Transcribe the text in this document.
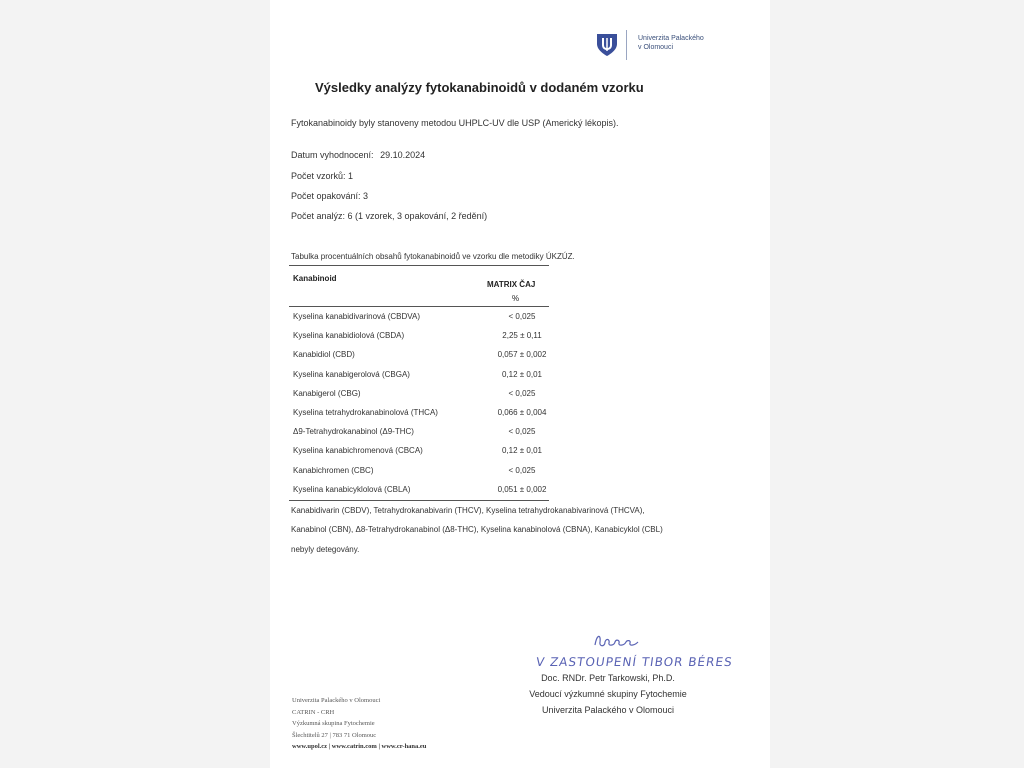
Univerzita Palackého
v Olomouci
Výsledky analýzy fytokanabinoidů v dodaném vzorku
Fytokanabinoidy byly stanoveny metodou UHPLC-UV dle USP (Americký lékopis).
Datum vyhodnocení: 29.10.2024
Počet vzorků: 1
Počet opakování: 3
Počet analýz: 6 (1 vzorek, 3 opakování, 2 ředění)
Tabulka procentuálních obsahů fytokanabinoidů ve vzorku dle metodiky ÚKZÚZ.
Kanabinoid
MATRIX ČAJ
%
Kyselina kanabidivarinová (CBDVA)	< 0,025
Kyselina kanabidiolová (CBDA)	2,25 ± 0,11
Kanabidiol (CBD)	0,057 ± 0,002
Kyselina kanabigerolová (CBGA)	0,12 ± 0,01
Kanabigerol (CBG)	< 0,025
Kyselina tetrahydrokanabinolová (THCA)	0,066 ± 0,004
Δ9-Tetrahydrokanabinol (Δ9-THC)	< 0,025
Kyselina kanabichromenová (CBCA)	0,12 ± 0,01
Kanabichromen (CBC)	< 0,025
Kyselina kanabicyklolová (CBLA)	0,051 ± 0,002
Kanabidivarin (CBDV), Tetrahydrokanabivarin (THCV), Kyselina tetrahydrokanabivarinová (THCVA),
Kanabinol (CBN), Δ8-Tetrahydrokanabinol (Δ8-THC), Kyselina kanabinolová (CBNA), Kanabicyklol (CBL)
nebyly detegovány.
V ZASTOUPENÍ TIBOR BÉRES
Doc. RNDr. Petr Tarkowski, Ph.D.
Vedoucí výzkumné skupiny Fytochemie
Univerzita Palackého v Olomouci
Univerzita Palackého v Olomouci
CATRIN - CRH
Výzkumná skupina Fytochemie
Šlechtitelů 27 | 783 71 Olomouc
www.upol.cz | www.catrin.com | www.cr-hana.eu
